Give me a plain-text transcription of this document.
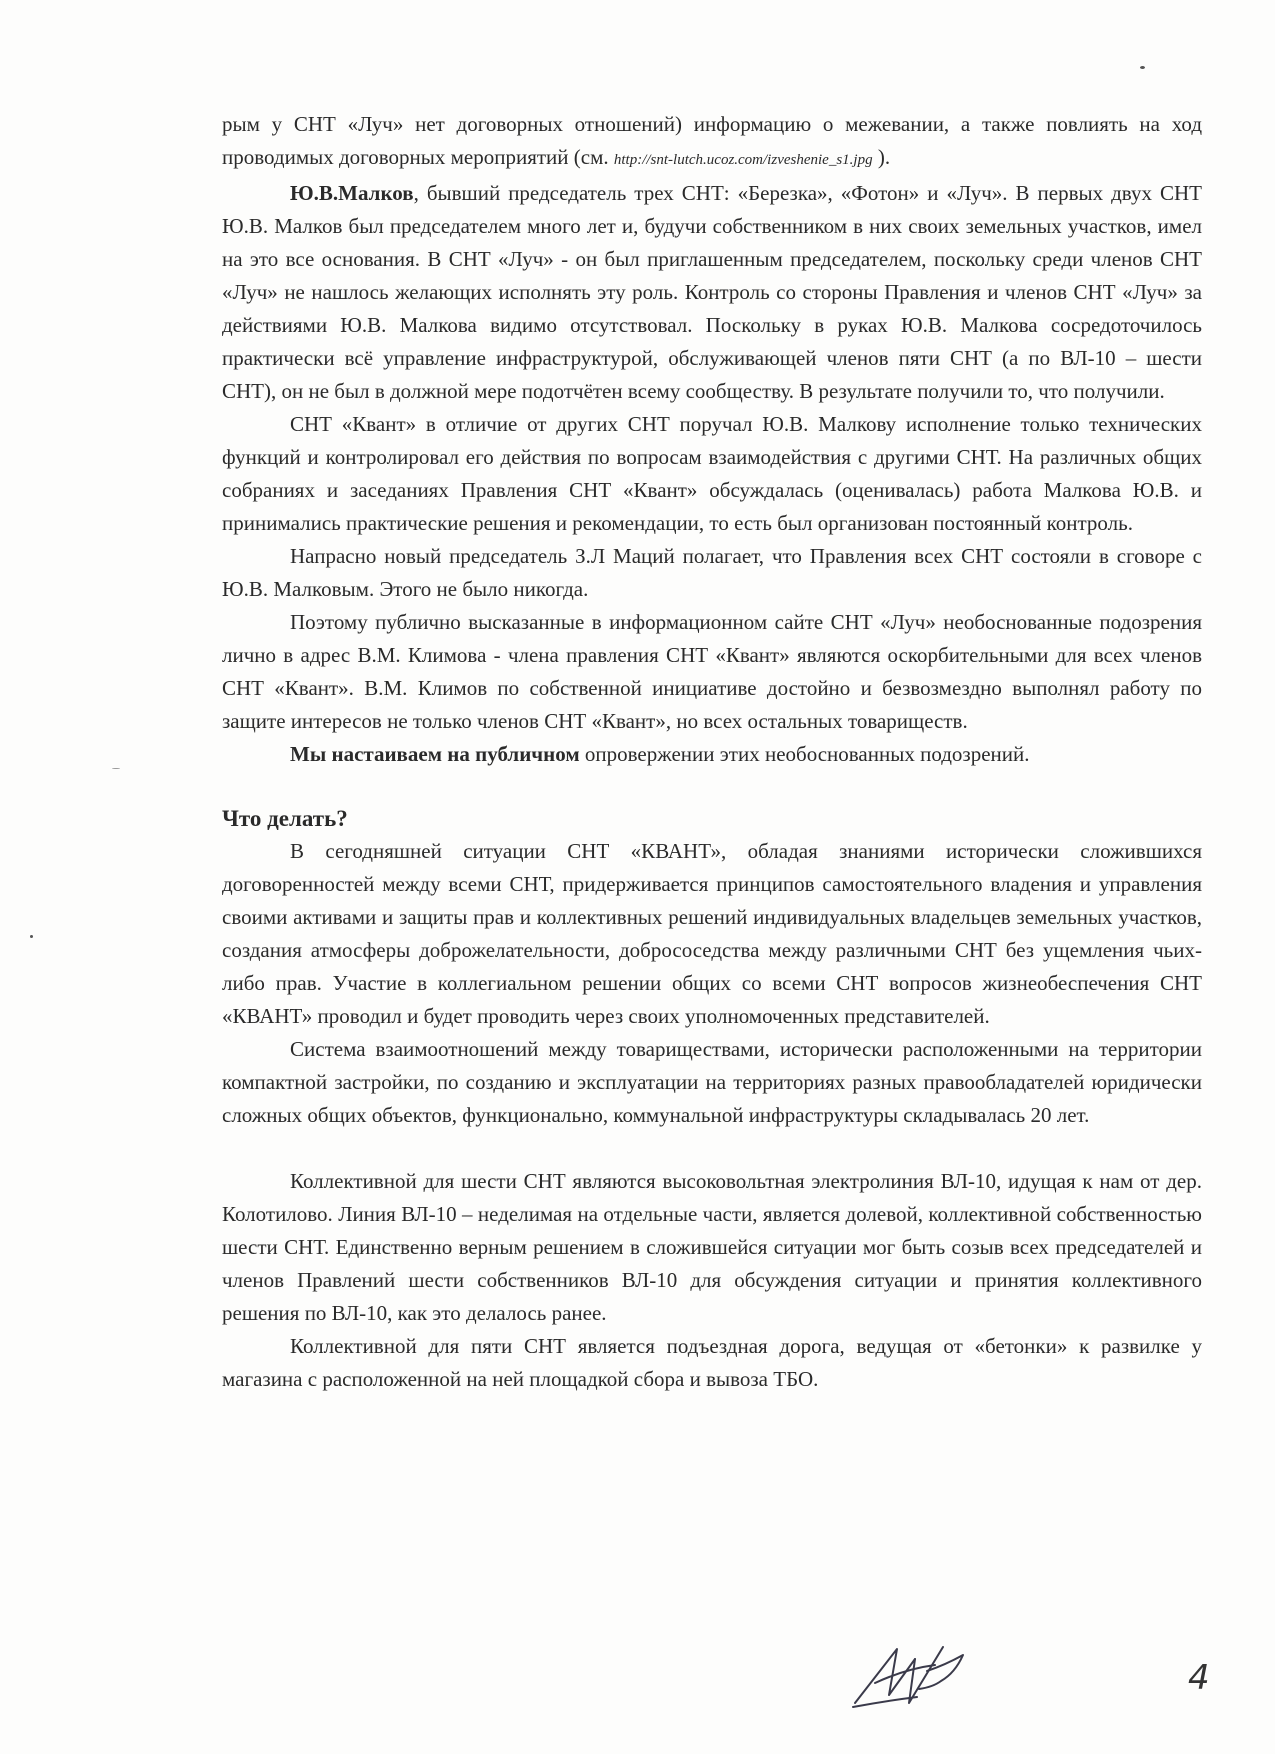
рым у СНТ «Луч» нет договорных отношений) информацию о межевании, а также повлиять на ход проводимых договорных мероприятий (см. http://snt-lutch.ucoz.com/izveshenie_s1.jpg ).

Ю.В.Малков, бывший председатель трех СНТ: «Березка», «Фотон» и «Луч». В первых двух СНТ Ю.В. Малков был председателем много лет и, будучи собственником в них своих земельных участков, имел на это все основания. В СНТ «Луч» - он был приглашенным председателем, поскольку среди членов СНТ «Луч» не нашлось желающих исполнять эту роль. Контроль со стороны Правления и членов СНТ «Луч» за действиями Ю.В. Малкова видимо отсутствовал. Поскольку в руках Ю.В. Малкова сосредоточилось практически всё управление инфраструктурой, обслуживающей членов пяти СНТ (а по ВЛ-10 – шести СНТ), он не был в должной мере подотчётен всему сообществу. В результате получили то, что получили.

СНТ «Квант» в отличие от других СНТ поручал Ю.В. Малкову исполнение только технических функций и контролировал его действия по вопросам взаимодействия с другими СНТ. На различных общих собраниях и заседаниях Правления СНТ «Квант» обсуждалась (оценивалась) работа Малкова Ю.В. и принимались практические решения и рекомендации, то есть был организован постоянный контроль.

Напрасно новый председатель З.Л Маций полагает, что Правления всех СНТ состояли в сговоре с Ю.В. Малковым. Этого не было никогда.

Поэтому публично высказанные в информационном сайте СНТ «Луч» необоснованные подозрения лично в адрес В.М. Климова - члена правления СНТ «Квант» являются оскорбительными для всех членов СНТ «Квант». В.М. Климов по собственной инициативе достойно и безвозмездно выполнял работу по защите интересов не только членов СНТ «Квант», но всех остальных товариществ.

Мы настаиваем на публичном опровержении этих необоснованных подозрений.

Что делать?

В сегодняшней ситуации СНТ «КВАНТ», обладая знаниями исторически сложившихся договоренностей между всеми СНТ, придерживается принципов самостоятельного владения и управления своими активами и защиты прав и коллективных решений индивидуальных владельцев земельных участков, создания атмосферы доброжелательности, добрососедства между различными СНТ без ущемления чьих-либо прав. Участие в коллегиальном решении общих со всеми СНТ вопросов жизнеобеспечения СНТ «КВАНТ» проводил и будет проводить через своих уполномоченных представителей.

Система взаимоотношений между товариществами, исторически расположенными на территории компактной застройки, по созданию и эксплуатации на территориях разных правообладателей юридически сложных общих объектов, функционально, коммунальной инфраструктуры складывалась 20 лет.

Коллективной для шести СНТ являются высоковольтная электролиния ВЛ-10, идущая к нам от дер. Колотилово. Линия ВЛ-10 – неделимая на отдельные части, является долевой, коллективной собственностью шести СНТ. Единственно верным решением в сложившейся ситуации мог быть созыв всех председателей и членов Правлений шести собственников ВЛ-10 для обсуждения ситуации и принятия коллективного решения по ВЛ-10, как это делалось ранее.

Коллективной для пяти СНТ является подъездная дорога, ведущая от «бетонки» к развилке у магазина с расположенной на ней площадкой сбора и вывоза ТБО.

4
